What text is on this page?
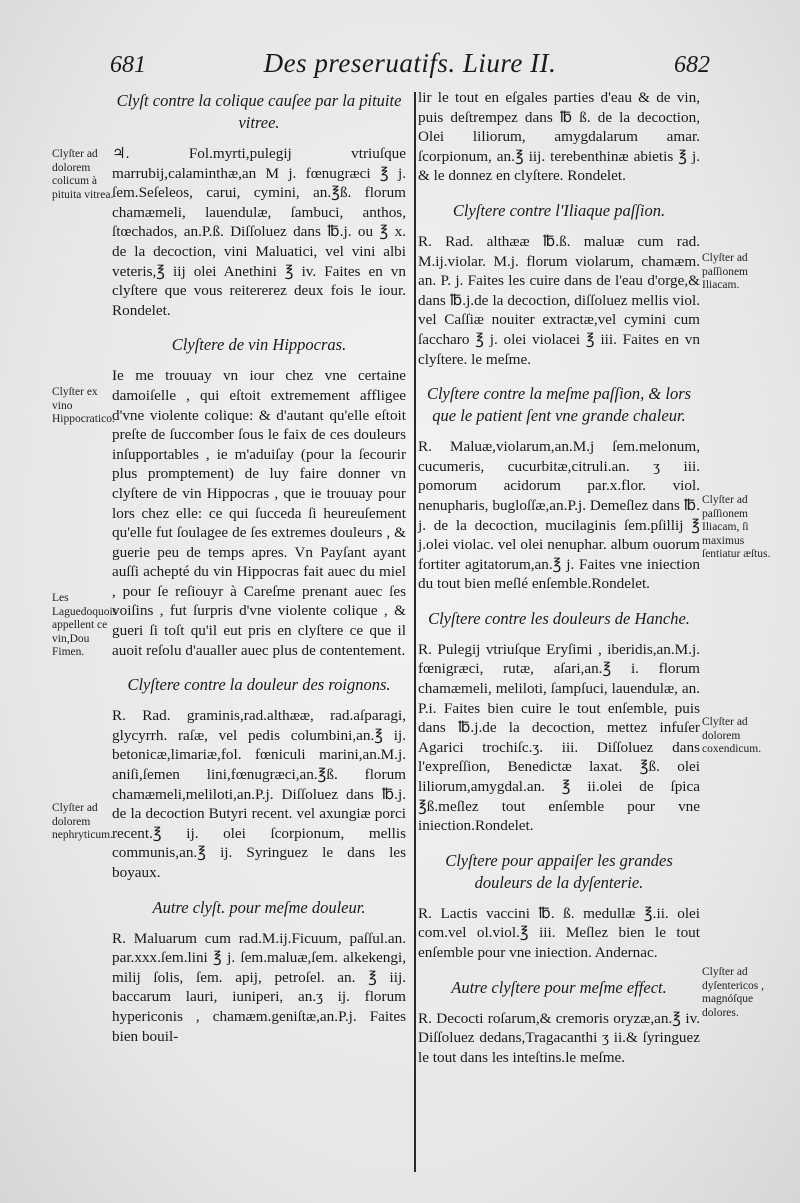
681	Des preseruatifs. Liure II.	682
Clyſt contre la colique cauſee par la pituite vitree.
♃. Fol.myrti,pulegij vtriuſque marrubij,calaminthæ,an M j. fœnugræci ℥ j. ſem.Seſeleos, carui, cymini, an.℥ß. florum chamæmeli, lauendulæ, ſambuci, anthos, ſtœchados, an.P.ß. Diſſoluez dans ℔.j. ou ℥ x. de la decoction, vini Maluatici, vel vini albi veteris,℥ iij olei Anethini ℥ iv. Faites en vn clyſtere que vous reitererez deux fois le iour. Rondelet.
Clyſtere de vin Hippocras.
Ie me trouuay vn iour chez vne certaine damoiſelle , qui eſtoit extremement affligee d'vne violente colique: & d'autant qu'elle eſtoit preſte de ſuccomber ſous le faix de ces douleurs inſupportables , ie m'aduiſay (pour la ſecourir plus promptement) de luy faire donner vn clyſtere de vin Hippocras , que ie trouuay pour lors chez elle: ce qui ſucceda ſi heureuſement qu'elle fut ſoulagee de ſes extremes douleurs , & guerie peu de temps apres. Vn Payſant ayant auſſi achepté du vin Hippocras fait auec du miel , pour ſe reſiouyr à Careſme prenant auec ſes voiſins , fut ſurpris d'vne violente colique , & gueri ſi toſt qu'il eut pris en clyſtere ce que il auoit reſolu d'aualler auec plus de contentement.
Clyſtere contre la douleur des roignons.
R. Rad. graminis,rad.althææ, rad.aſparagi, glycyrrh. raſæ, vel pedis columbini,an.℥ ij. betonicæ,limariæ,fol. fœniculi marini,an.M.j. aniſi,ſemen lini,fœnugræci,an.℥ß. florum chamæmeli,meliloti,an.P.j. Diſſoluez dans ℔.j. de la decoction Butyri recent. vel axungiæ porci recent.℥ ij. olei ſcorpionum, mellis communis,an.℥ ij. Syringuez le dans les boyaux.
Autre clyſt. pour meſme douleur.
R. Maluarum cum rad.M.ij.Ficuum, paſſul.an. par.xxx.ſem.lini ℥ j. ſem.maluæ,ſem. alkekengi, milij ſolis, ſem. apij, petroſel. an. ℥ iij. baccarum lauri, iuniperi, an.ʒ ij. florum hypericonis , chamæm.geniſtæ,an.P.j. Faites bien bouil-
lir le tout en eſgales parties d'eau & de vin, puis deſtrempez dans ℔ ß. de la decoction, Olei liliorum, amygdalarum amar. ſcorpionum, an.℥ iij. terebenthinæ abietis ℥ j. & le donnez en clyſtere. Rondelet.
Clyſtere contre l'Iliaque paſſion.
R. Rad. althææ ℔.ß. maluæ cum rad. M.ij.violar. M.j. florum violarum, chamæm. an. P. j. Faites les cuire dans de l'eau d'orge,& dans ℔.j.de la decoction, diſſoluez mellis viol. vel Caſſiæ nouiter extractæ,vel cymini cum ſaccharo ℥ j. olei violacei ℥ iii. Faites en vn clyſtere. le meſme.
Clyſtere contre la meſme paſſion, & lors que le patient ſent vne grande chaleur.
R. Maluæ,violarum,an.M.j ſem.melonum, cucumeris, cucurbitæ,citruli.an. ʒ iii. pomorum acidorum par.x.flor. viol. nenupharis, bugloſſæ,an.P.j. Demeſlez dans ℔. j. de la decoction, mucilaginis ſem.pſillij ℥ j.olei violac. vel olei nenuphar. album ouorum fortiter agitatorum,an.℥ j. Faites vne iniection du tout bien meſlé enſemble.Rondelet.
Clyſtere contre les douleurs de Hanche.
R. Pulegij vtriuſque Eryſimi , iberidis,an.M.j. fœnigræci, rutæ, aſari,an.℥ i. florum chamæmeli, meliloti, ſampſuci, lauendulæ, an. P.i. Faites bien cuire le tout enſemble, puis dans ℔.j.de la decoction, mettez infuſer Agarici trochiſc.ʒ. iii. Diſſoluez dans l'expreſſion, Benedictæ laxat. ℥ß. olei liliorum,amygdal.an. ℥ ii.olei de ſpica ℥ß.meſlez tout enſemble pour vne iniection.Rondelet.
Clyſtere pour appaiſer les grandes douleurs de la dyſenterie.
R. Lactis vaccini ℔. ß. medullæ ℥.ii. olei com.vel ol.viol.℥ iii. Meſlez bien le tout enſemble pour vne iniection. Andernac.
Autre clyſtere pour meſme effect.
R. Decocti roſarum,& cremoris oryzæ,an.℥ iv. Diſſoluez dedans,Tragacanthi ʒ ii.& ſyringuez le tout dans les inteſtins.le meſme.
Clyſter ad dolorem colicum à pituita vitrea.
Clyſter ex vino Hippocratico.
Les Laguedoquois appellent ce vin,Dou Fimen.
Clyſter ad dolorem nephryticum.
Clyſter ad paſſionem Iliacam.
Clyſter ad paſſionem Iliacam, ſi maximus ſentiatur æſtus.
Clyſter ad dolorem coxendicum.
Clyſter ad dyſentericos , magnóſque dolores.
